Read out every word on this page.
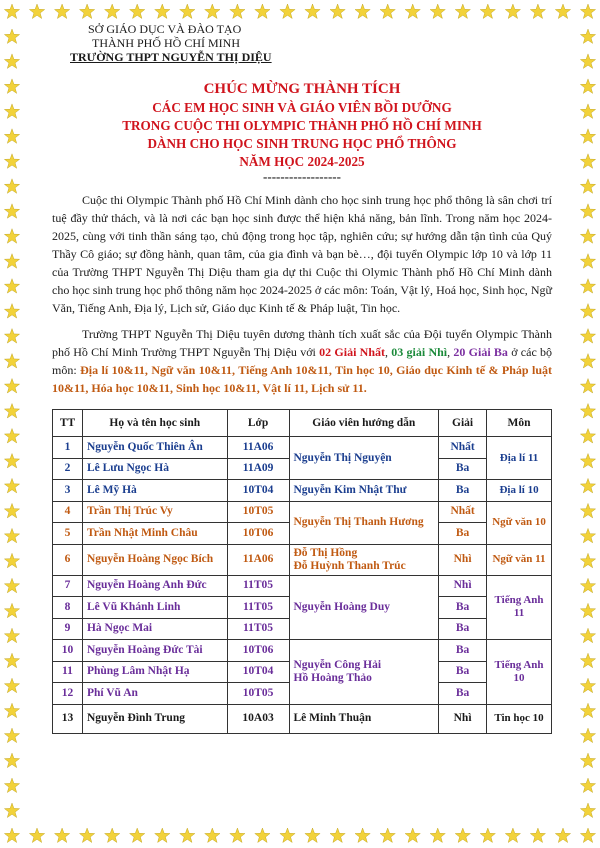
SỞ GIÁO DỤC VÀ ĐÀO TẠO
THÀNH PHỐ HỒ CHÍ MINH
TRƯỜNG THPT NGUYỄN THỊ DIỆU
CHÚC MỪNG THÀNH TÍCH
CÁC EM HỌC SINH VÀ GIÁO VIÊN BỒI DƯỠNG
TRONG CUỘC THI OLYMPIC THÀNH PHỐ HỒ CHÍ MINH
DÀNH CHO HỌC SINH TRUNG HỌC PHỔ THÔNG
NĂM HỌC 2024-2025
------------------

Cuộc thi Olympic Thành phố Hồ Chí Minh dành cho học sinh trung học phổ thông là sân chơi trí tuệ đầy thử thách, và là nơi các bạn học sinh được thể hiện khả năng, bản lĩnh. Trong năm học 2024-2025, cùng với tinh thần sáng tạo, chủ động trong học tập, nghiên cứu; sự hướng dẫn tận tình của Quý Thầy Cô giáo; sự đồng hành, quan tâm, của gia đình và bạn bè…, đội tuyển Olympic lớp 10 và lớp 11 của Trường THPT Nguyễn Thị Diệu tham gia dự thi Cuộc thi Olymic Thành phố Hồ Chí Minh dành cho học sinh trung học phổ thông năm học 2024-2025 ở các môn: Toán, Vật lý, Hoá học, Sinh học, Ngữ Văn, Tiếng Anh, Địa lý, Lịch sử, Giáo dục Kinh tế & Pháp luật, Tin học.

Trường THPT Nguyễn Thị Diệu tuyên dương thành tích xuất sắc của Đội tuyển Olympic Thành phố Hồ Chí Minh Trường THPT Nguyễn Thị Diệu với 02 Giải Nhất, 03 giải Nhì, 20 Giải Ba ở các bộ môn: Địa lí 10&11, Ngữ văn 10&11, Tiếng Anh 10&11, Tin học 10, Giáo dục Kinh tế & Pháp luật 10&11, Hóa học 10&11, Sinh học 10&11, Vật lí 11, Lịch sử 11.

TT	Họ và tên học sinh	Lớp	Giáo viên hướng dẫn	Giải	Môn
1	Nguyễn Quốc Thiên Ân	11A06	Nguyễn Thị Nguyện	Nhất	Địa lí 11
2	Lê Lưu Ngọc Hà	11A09		Ba	
3	Lê Mỹ Hà	10T04	Nguyễn Kim Nhật Thư	Ba	Địa lí 10
4	Trần Thị Trúc Vy	10T05	Nguyễn Thị Thanh Hương	Nhất	Ngữ văn 10
5	Trần Nhật Minh Châu	10T06		Ba	
6	Nguyễn Hoàng Ngọc Bích	11A06	Đỗ Thị Hồng
Đỗ Huỳnh Thanh Trúc	Nhì	Ngữ văn 11
7	Nguyễn Hoàng Anh Đức	11T05	Nguyễn Hoàng Duy	Nhì	Tiếng Anh 11
8	Lê Vũ Khánh Linh	11T05		Ba	
9	Hà Ngọc Mai	11T05		Ba	
10	Nguyễn Hoàng Đức Tài	10T06	Nguyễn Công Hải
Hồ Hoàng Thảo	Ba	Tiếng Anh 10
11	Phùng Lâm Nhật Hạ	10T04		Ba	
12	Phí Vũ An	10T05		Ba	
13	Nguyễn Đình Trung	10A03	Lê Minh Thuận	Nhì	Tin học 10
